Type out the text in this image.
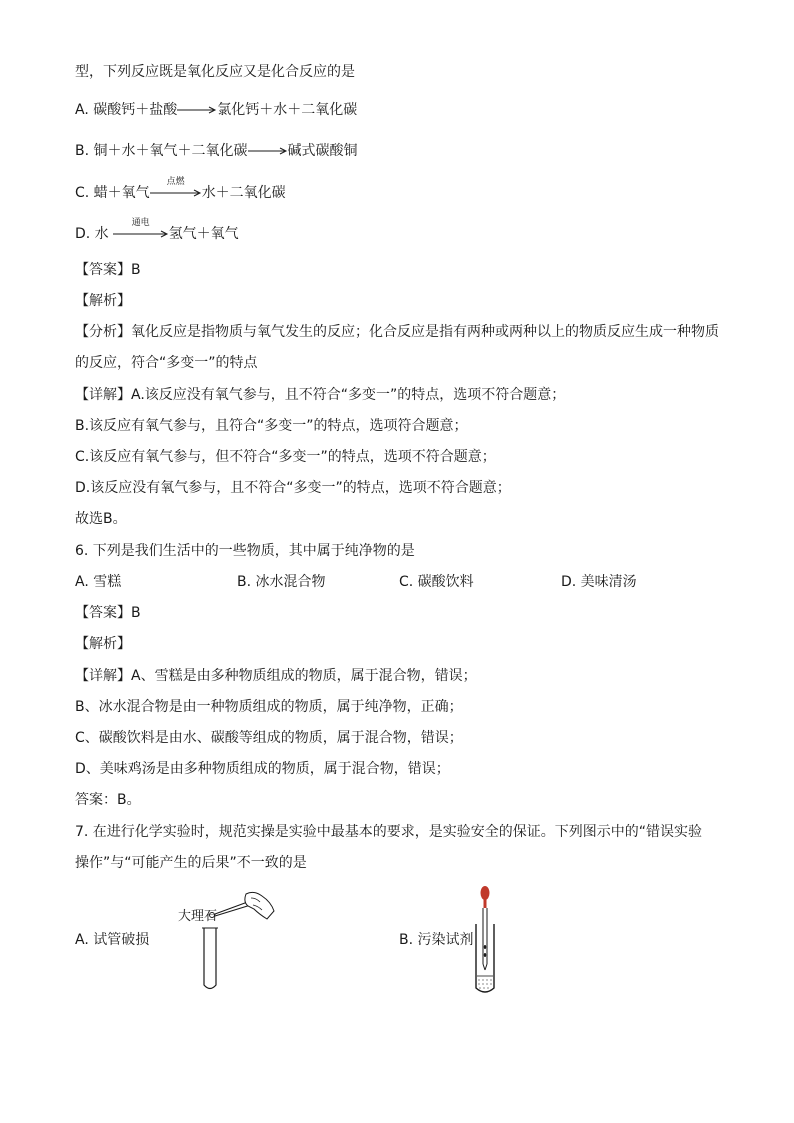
型，下列反应既是氧化反应又是化合反应的是
A. 碳酸钙＋盐酸→氯化钙＋水＋二氧化碳
B. 铜＋水＋氧气＋二氧化碳→碱式碳酸铜
C. 蜡＋氧气
点燃
水＋二氧化碳
D. 水
通电
氢气＋氧气
【答案】B
【解析】
【分析】氧化反应是指物质与氧气发生的反应；化合反应是指有两种或两种以上的物质反应生成一种物质
的反应，符合“多变一”的特点
【详解】A.该反应没有氧气参与，且不符合“多变一”的特点，选项不符合题意；
B.该反应有氧气参与，且符合“多变一”的特点，选项符合题意；
C.该反应有氧气参与，但不符合“多变一”的特点，选项不符合题意；
D.该反应没有氧气参与，且不符合“多变一”的特点，选项不符合题意；
故选B。
6. 下列是我们生活中的一些物质，其中属于纯净物的是
A. 雪糕	B. 冰水混合物	C. 碳酸饮料	D. 美味清汤
【答案】B
【解析】
【详解】A、雪糕是由多种物质组成的物质，属于混合物，错误；
B、冰水混合物是由一种物质组成的物质，属于纯净物，正确；
C、碳酸饮料是由水、碳酸等组成的物质，属于混合物，错误；
D、美味鸡汤是由多种物质组成的物质，属于混合物，错误；
答案：B。
7. 在进行化学实验时，规范实操是实验中最基本的要求，是实验安全的保证。下列图示中的“错误实验
操作”与“可能产生的后果”不一致的是
A. 试管破损	B. 污染试剂
大理石
